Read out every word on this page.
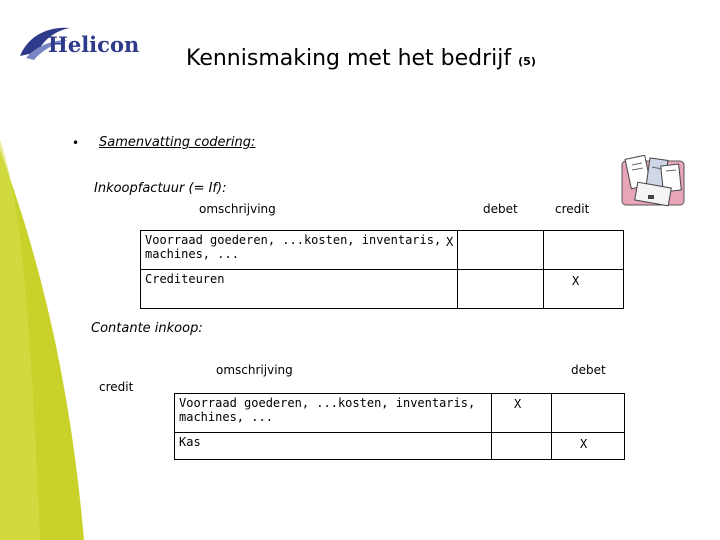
Helicon
Kennismaking met het bedrijf (5)
• Samenvatting codering:
Inkoopfactuur (= If):
omschrijving	debet	credit
Voorraad goederen, ...kosten, inventaris, machines, ...	X	

Crediteuren		X
Contante inkoop:
omschrijving	debet
credit
Voorraad goederen, ...kosten, inventaris, machines, ...	X	

Kas		X
